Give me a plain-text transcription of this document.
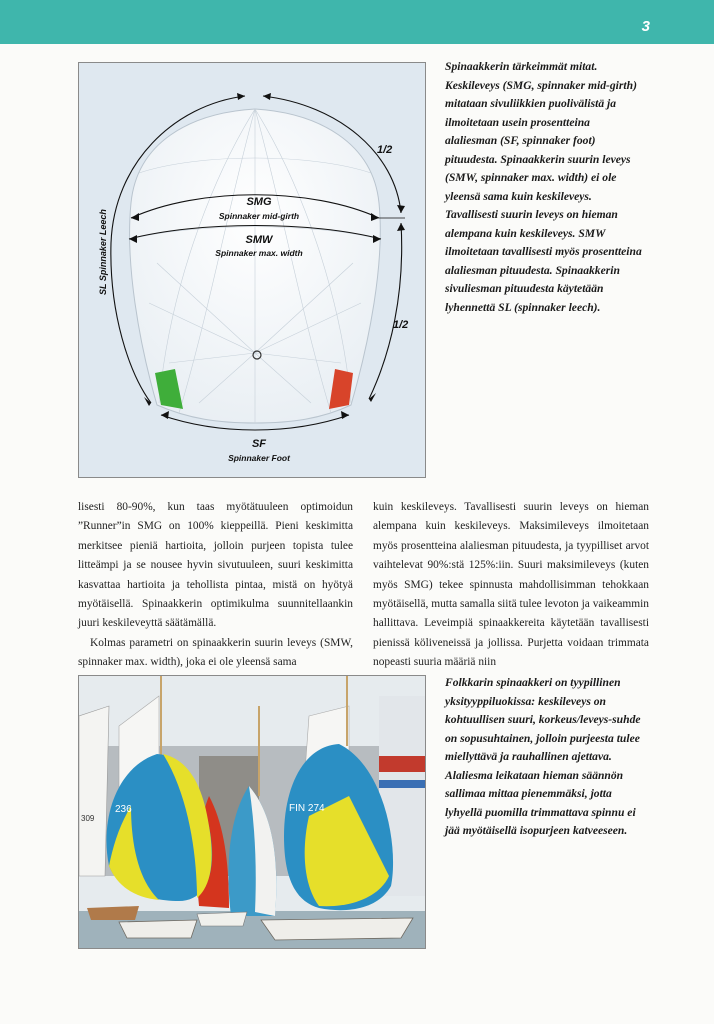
3
SMG
Spinnaker mid-girth
SMW
Spinnaker max. width
SL Spinnaker Leech
1/2
1/2
SF
Spinnaker Foot
Spinaakkerin tärkeimmät mitat. Keskileveys (SMG, spinnaker mid-girth) mitataan sivuliikkien puolivälistä ja ilmoitetaan usein prosentteina alaliesman (SF, spinnaker foot) pituudesta. Spinaakkerin suurin leveys (SMW, spinnaker max. width) ei ole yleensä sama kuin keskileveys. Tavallisesti suurin leveys on hieman alempana kuin keskileveys. SMW ilmoitetaan tavallisesti myös prosentteina alaliesman pituudesta. Spinaakkerin sivuliesman pituudesta käytetään lyhennettä SL (spinnaker leech).

lisesti 80-90%, kun taas myötätuuleen optimoidun ”Runner”in SMG on 100% kieppeillä. Pieni keskimitta merkitsee pieniä hartioita, jolloin purjeen topista tulee litteämpi ja se nousee hyvin sivutuuleen, suuri keskimitta kasvattaa hartioita ja tehollista pintaa, mistä on hyötyä myötäisellä. Spinaakkerin optimikulma suunnitellaankin juuri keskileveyttä säätämällä.

Kolmas parametri on spinaakkerin suurin leveys (SMW, spinnaker max. width), joka ei ole yleensä sama

kuin keskileveys. Tavallisesti suurin leveys on hieman alempana kuin keskileveys. Maksimileveys ilmoitetaan myös prosentteina alaliesman pituudesta, ja tyypilliset arvot vaihtelevat 90%:stä 125%:iin. Suuri maksimileveys (kuten myös SMG) tekee spinnusta mahdollisimman tehokkaan myötäisellä, mutta samalla siitä tulee levoton ja vaikeammin hallittava. Leveimpiä spinaakkereita käytetään tavallisesti pienissä köliveneissä ja jollissa. Purjetta voidaan trimmata nopeasti suuria määriä niin

236	FIN 274
309
Folkkarin spinaakkeri on tyypillinen yksityyppiluokissa: keskileveys on kohtuullisen suuri, korkeus/leveys-suhde on sopusuhtainen, jolloin purjeesta tulee miellyttävä ja rauhallinen ajettava. Alaliesma leikataan hieman säännön sallimaa mittaa pienemmäksi, jotta lyhyellä puomilla trimmattava spinnu ei jää myötäisellä isopurjeen katveeseen.
